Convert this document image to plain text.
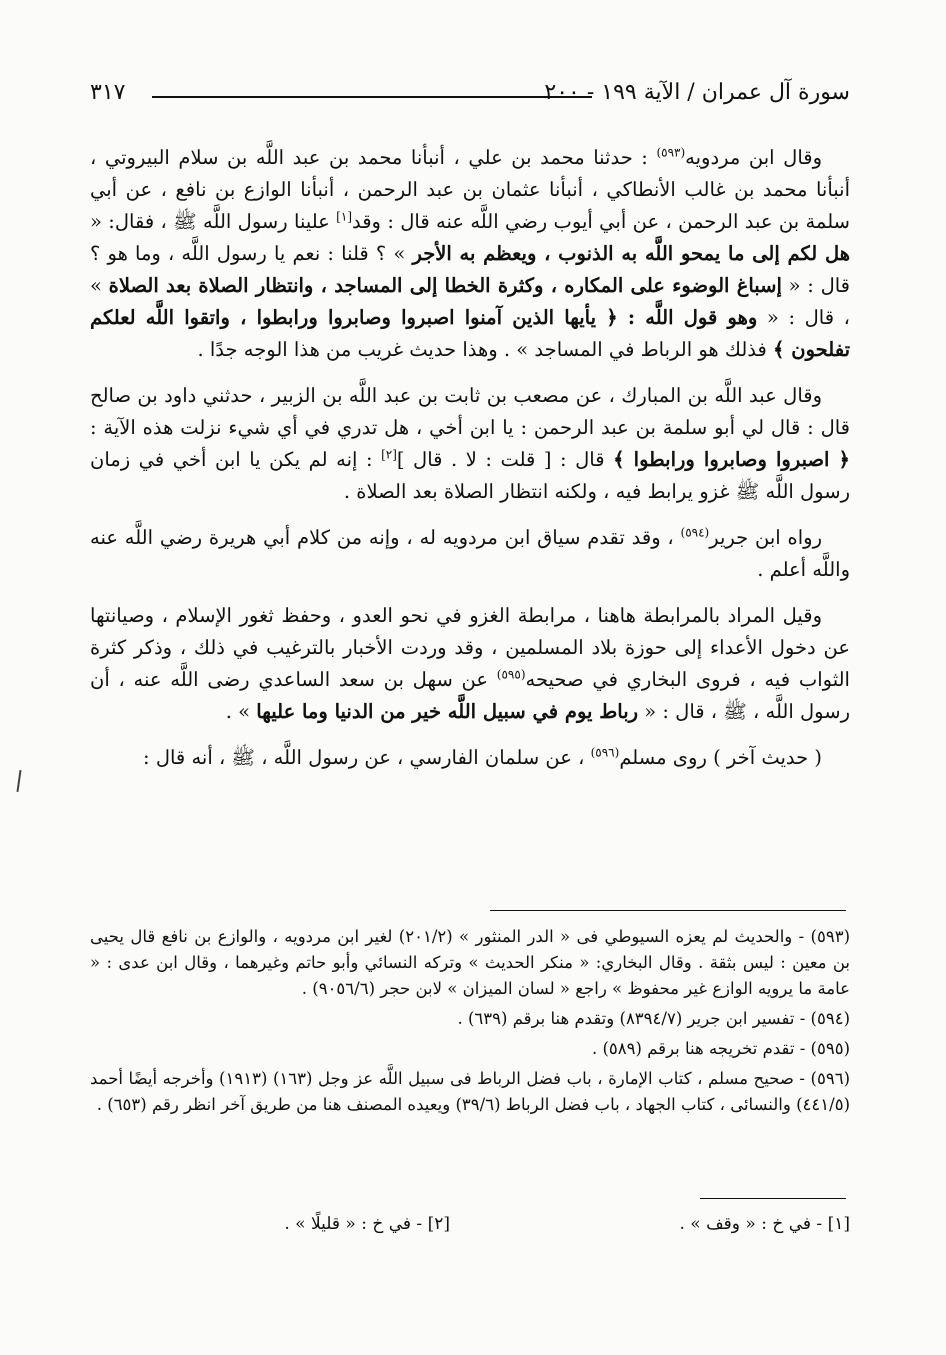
سورة آل عمران / الآية ١٩٩ - ٢٠٠
٣١٧

وقال ابن مردويه$^{(٥٩٣)}$ : حدثنا محمد بن علي ، أنبأنا محمد بن عبد اللَّه بن سلام البيروتي ، أنبأنا محمد بن غالب الأنطاكي ، أنبأنا عثمان بن عبد الرحمن ، أنبأنا الوازع بن نافع ، عن أبي سلمة بن عبد الرحمن ، عن أبي أيوب رضي اللَّه عنه قال : وقد[١] علينا رسول اللَّه ﷺ ، فقال: « هل لكم إلى ما يمحو اللَّه به الذنوب ، ويعظم به الأجر » ؟ قلنا : نعم يا رسول اللَّه ، وما هو ؟ قال : « إسباغ الوضوء على المكاره ، وكثرة الخطا إلى المساجد ، وانتظار الصلاة بعد الصلاة » ، قال : « وهو قول اللَّه : ﴿ يأيها الذين آمنوا اصبروا وصابروا ورابطوا ، واتقوا اللَّه لعلكم تفلحون ﴾ فذلك هو الرباط في المساجد » . وهذا حديث غريب من هذا الوجه جدًا .

وقال عبد اللَّه بن المبارك ، عن مصعب بن ثابت بن عبد اللَّه بن الزبير ، حدثني داود بن صالح قال : قال لي أبو سلمة بن عبد الرحمن : يا ابن أخي ، هل تدري في أي شيء نزلت هذه الآية : ﴿ اصبروا وصابروا ورابطوا ﴾ قال : [ قلت : لا . قال ][٢] : إنه لم يكن يا ابن أخي في زمان رسول اللَّه ﷺ غزو يرابط فيه ، ولكنه انتظار الصلاة بعد الصلاة .

رواه ابن جرير$^{(٥٩٤)}$ ، وقد تقدم سياق ابن مردويه له ، وإنه من كلام أبي هريرة رضي اللَّه عنه واللَّه أعلم .

وقيل المراد بالمرابطة هاهنا ، مرابطة الغزو في نحو العدو ، وحفظ ثغور الإسلام ، وصيانتها عن دخول الأعداء إلى حوزة بلاد المسلمين ، وقد وردت الأخبار بالترغيب في ذلك ، وذكر كثرة الثواب فيه ، فروى البخاري في صحيحه$^{(٥٩٥)}$ عن سهل بن سعد الساعدي رضى اللَّه عنه ، أن رسول اللَّه ، ﷺ ، قال : « رباط يوم في سبيل اللَّه خير من الدنيا وما عليها » .

( حديث آخر ) روى مسلم$^{(٥٩٦)}$ ، عن سلمان الفارسي ، عن رسول اللَّه ، ﷺ ، أنه قال :

(٥٩٣) - والحديث لم يعزه السيوطي فى « الدر المنثور » (٢٠١/٢) لغير ابن مردويه ، والوازع بن نافع قال يحيى بن معين : ليس بثقة . وقال البخاري: « منكر الحديث » وتركه النسائي وأبو حاتم وغيرهما ، وقال ابن عدى : « عامة ما يرويه الوازع غير محفوظ » راجع « لسان الميزان » لابن حجر (٩٠٥٦/٦) .

(٥٩٤) - تفسير ابن جرير (٨٣٩٤/٧) وتقدم هنا برقم (٦٣٩) .

(٥٩٥) - تقدم تخريجه هنا برقم (٥٨٩) .

(٥٩٦) - صحيح مسلم ، كتاب الإمارة ، باب فضل الرباط فى سبيل اللَّه عز وجل (١٦٣) (١٩١٣) وأخرجه أيضًا أحمد (٤٤١/٥) والنسائى ، كتاب الجهاد ، باب فضل الرباط (٣٩/٦) ويعيده المصنف هنا من طريق آخر انظر رقم (٦٥٣) .

[١] - في خ : « وقف » .
[٢] - في خ : « قليلًا » .
